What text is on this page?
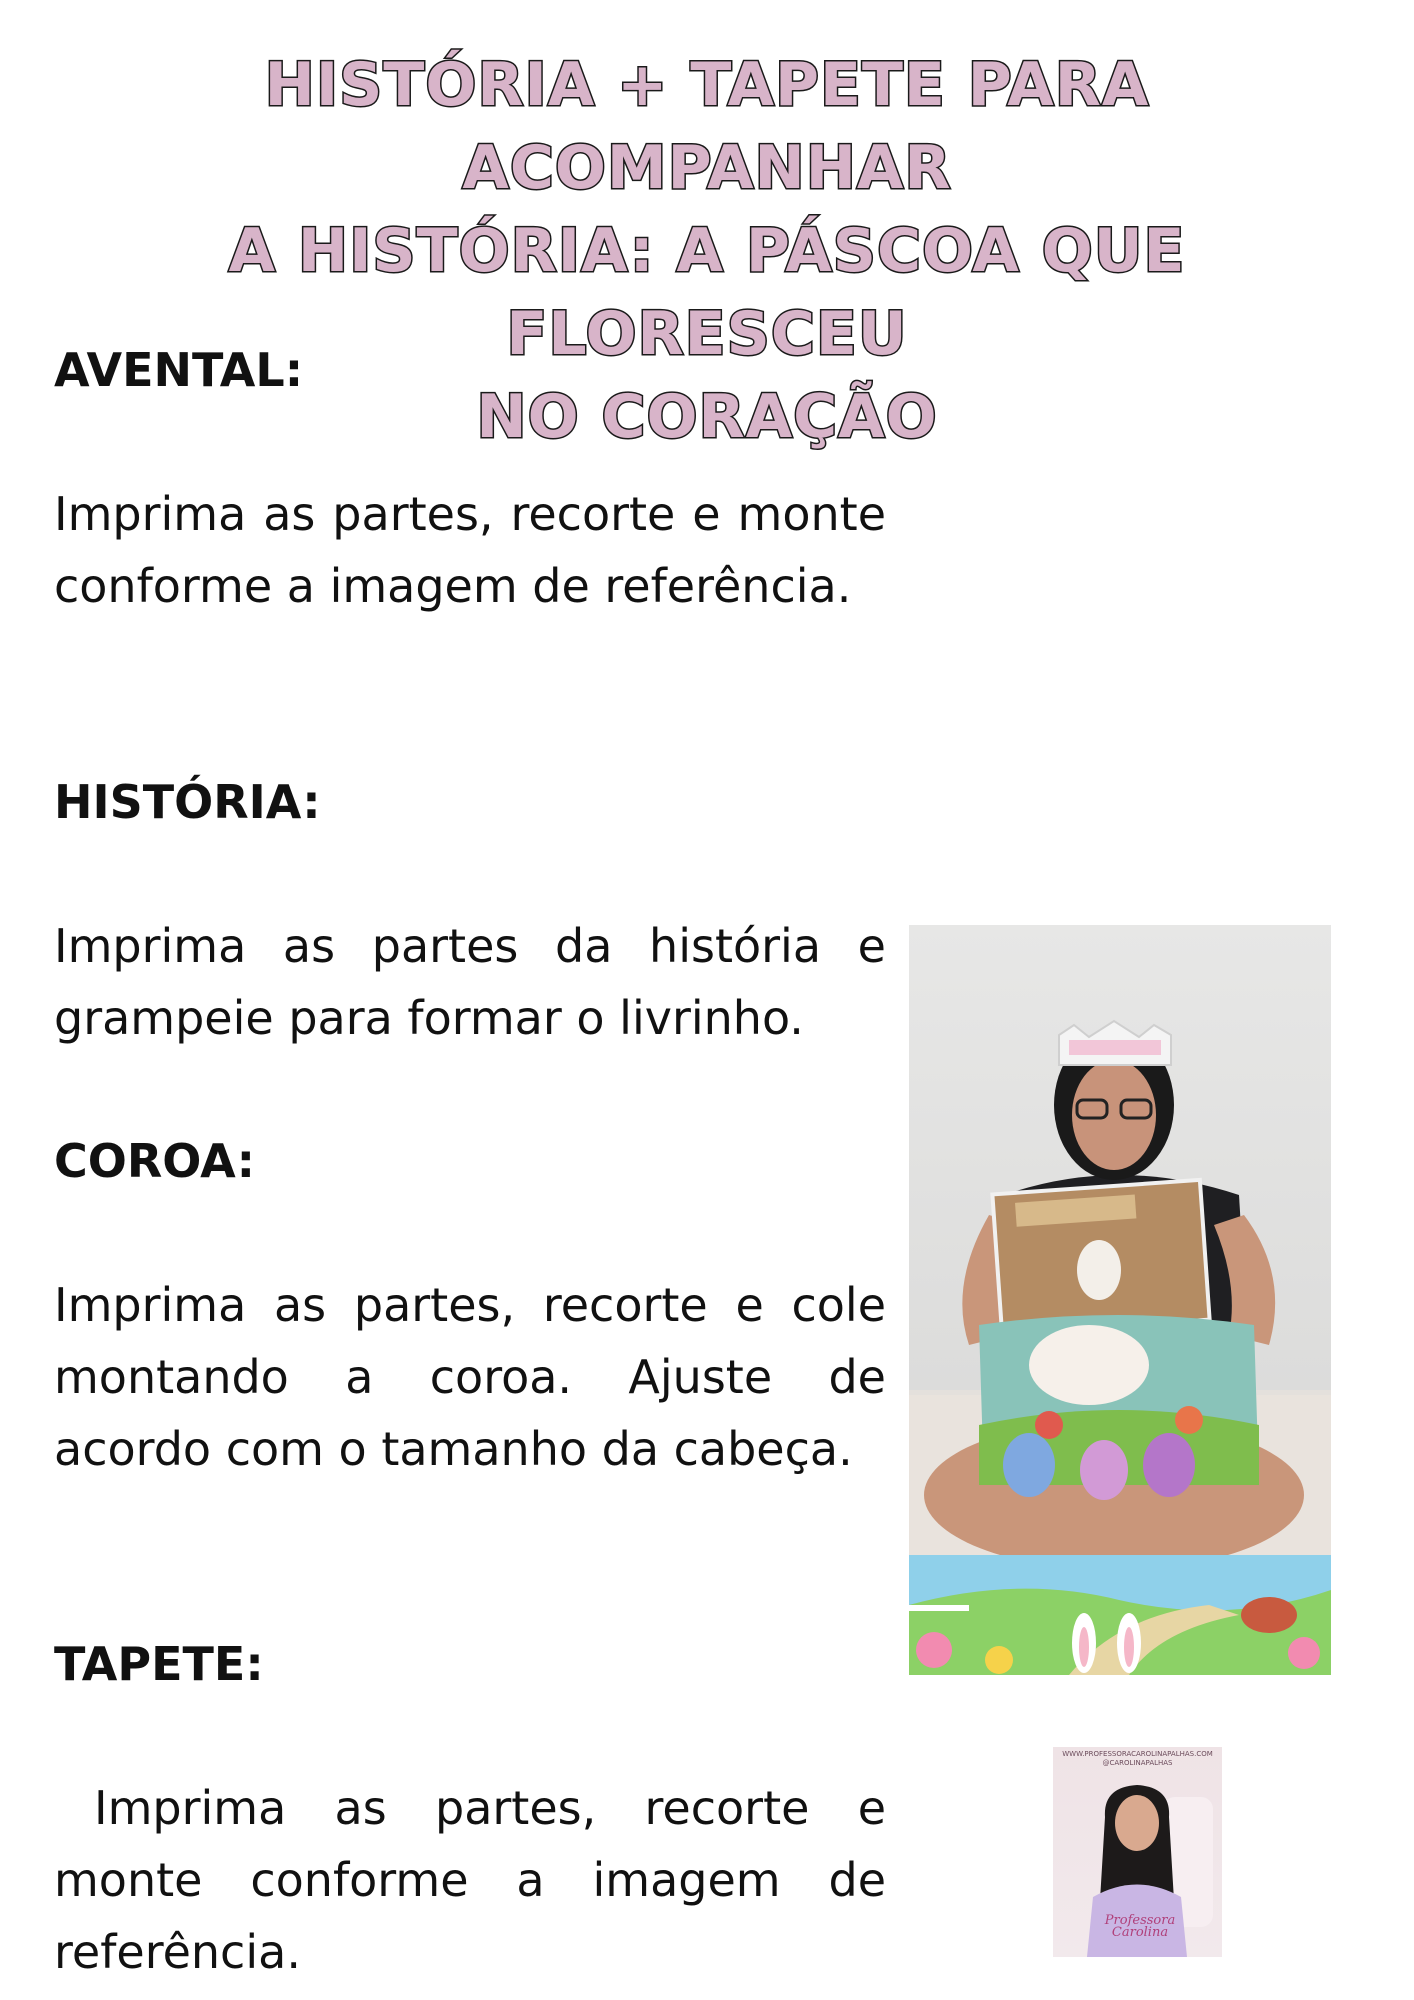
HISTÓRIA + TAPETE PARA ACOMPANHAR
A HISTÓRIA: A PÁSCOA QUE FLORESCEU
NO CORAÇÃO
AVENTAL:

Imprima as partes, recorte e monte conforme a imagem de referência.

HISTÓRIA:

Imprima as partes da história e grampeie para formar o livrinho.

COROA:

Imprima as partes, recorte e cole montando a coroa. Ajuste de acordo com o tamanho da cabeça.

TAPETE:

Imprima as partes, recorte e monte conforme a imagem de referência.

WWW.PROFESSORACAROLINAPALHAS.COM
@CAROLINAPALHAS
Professora
Carolina
